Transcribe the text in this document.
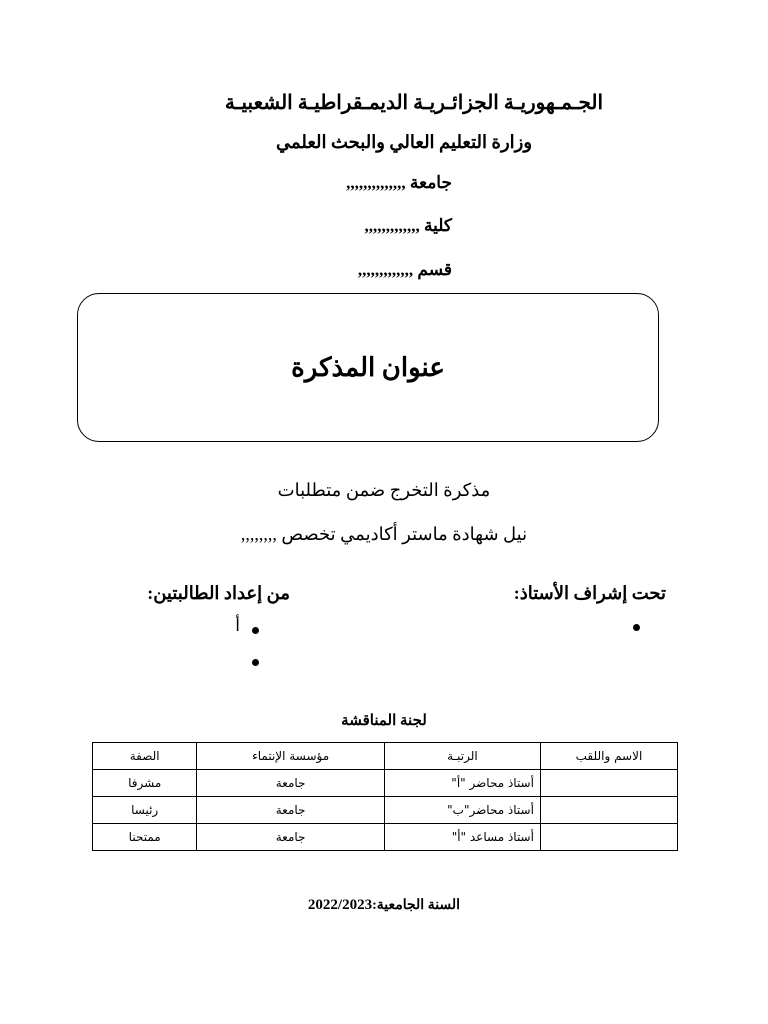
الجـمـهوريـة الجزائـريـة الديمـقراطيـة الشعبيـة
وزارة التعليم العالي والبحث العلمي
جامعة ,,,,,,,,,,,,,,
كلية ,,,,,,,,,,,,,
قسم ,,,,,,,,,,,,,
عنوان المذكرة
مذكرة التخرج ضمن متطلبات
نيل شهادة ماستر أكاديمي تخصص ,,,,,,,,
:تحت إشراف الأستاذ
:من إعداد الطالبتين
أ
لجنة المناقشة
الصفة	مؤسسة الإنتماء	الرتبـة	الاسم واللقب
مشرفا	جامعة	أستاذ محاضر "أ"	
رئيسا	جامعة	أستاذ محاضر"ب"	
ممتحنا	جامعة	أستاذ مساعد "أ"	
السنة الجامعية:2022/2023
